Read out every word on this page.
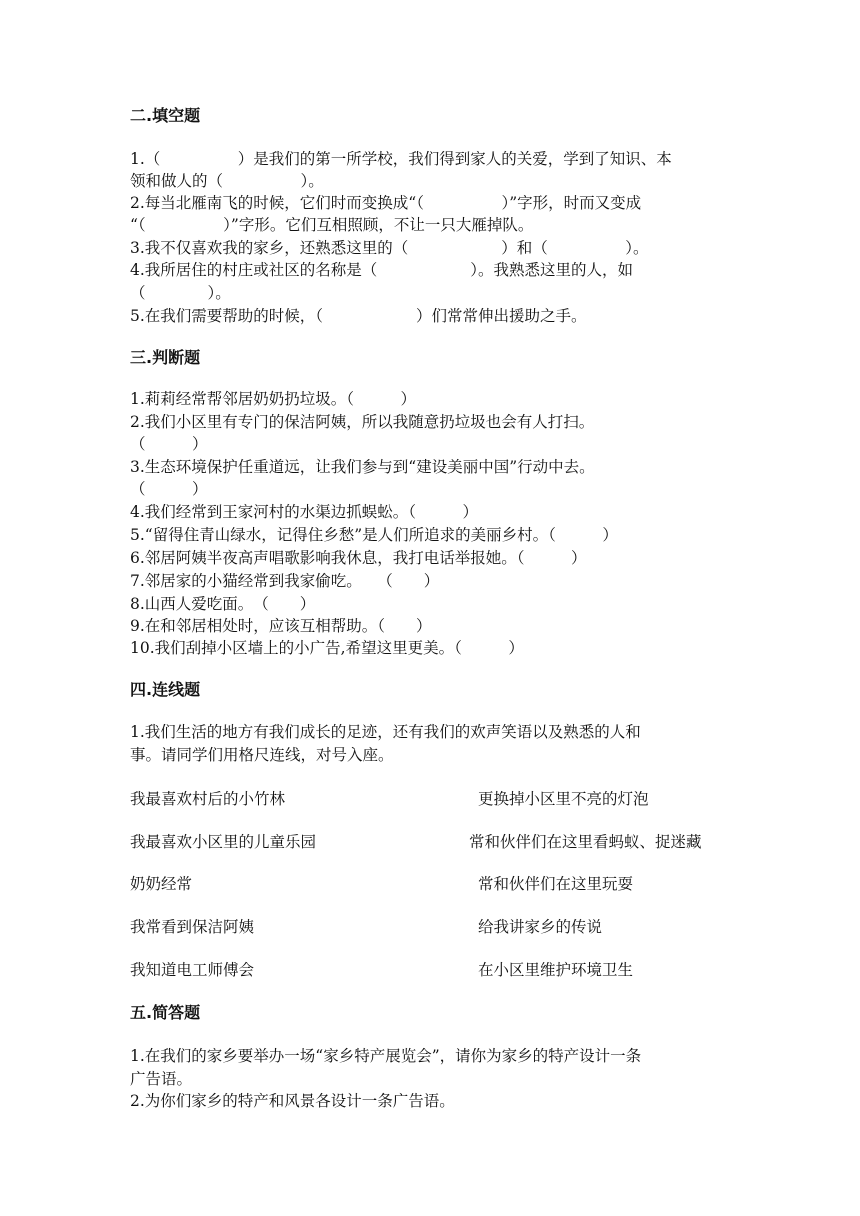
二.填空题
1.（　　　　　）是我们的第一所学校，我们得到家人的关爱，学到了知识、本
领和做人的（　　　　　）。
2.每当北雁南飞的时候，它们时而变换成“（　　　　　）”字形，时而又变成
“（　　　　　）”字形。它们互相照顾，不让一只大雁掉队。
3.我不仅喜欢我的家乡，还熟悉这里的（　　　　　　）和（　　　　　）。
4.我所居住的村庄或社区的名称是（　　　　　　）。我熟悉这里的人，如
（　　　　）。
5.在我们需要帮助的时候，（　　　　　　）们常常伸出援助之手。
三.判断题
1.莉莉经常帮邻居奶奶扔垃圾。（　　　）
2.我们小区里有专门的保洁阿姨，所以我随意扔垃圾也会有人打扫。
（　　　）
3.生态环境保护任重道远，让我们参与到“建设美丽中国”行动中去。
（　　　）
4.我们经常到王家河村的水渠边抓蜈蚣。（　　　）
5.“留得住青山绿水，记得住乡愁”是人们所追求的美丽乡村。（　　　）
6.邻居阿姨半夜高声唱歌影响我休息，我打电话举报她。（　　　）
7.邻居家的小猫经常到我家偷吃。　　（　　）
8.山西人爱吃面。　（　　）
9.在和邻居相处时，应该互相帮助。（　　）
10.我们刮掉小区墙上的小广告,希望这里更美。（　　　）
四.连线题
1.我们生活的地方有我们成长的足迹，还有我们的欢声笑语以及熟悉的人和
事。请同学们用格尺连线，对号入座。
我最喜欢村后的小竹林	更换掉小区里不亮的灯泡
我最喜欢小区里的儿童乐园	常和伙伴们在这里看蚂蚁、捉迷藏
奶奶经常	常和伙伴们在这里玩耍
我常看到保洁阿姨	给我讲家乡的传说
我知道电工师傅会	在小区里维护环境卫生
五.简答题
1.在我们的家乡要举办一场“家乡特产展览会”，请你为家乡的特产设计一条
广告语。
2.为你们家乡的特产和风景各设计一条广告语。
